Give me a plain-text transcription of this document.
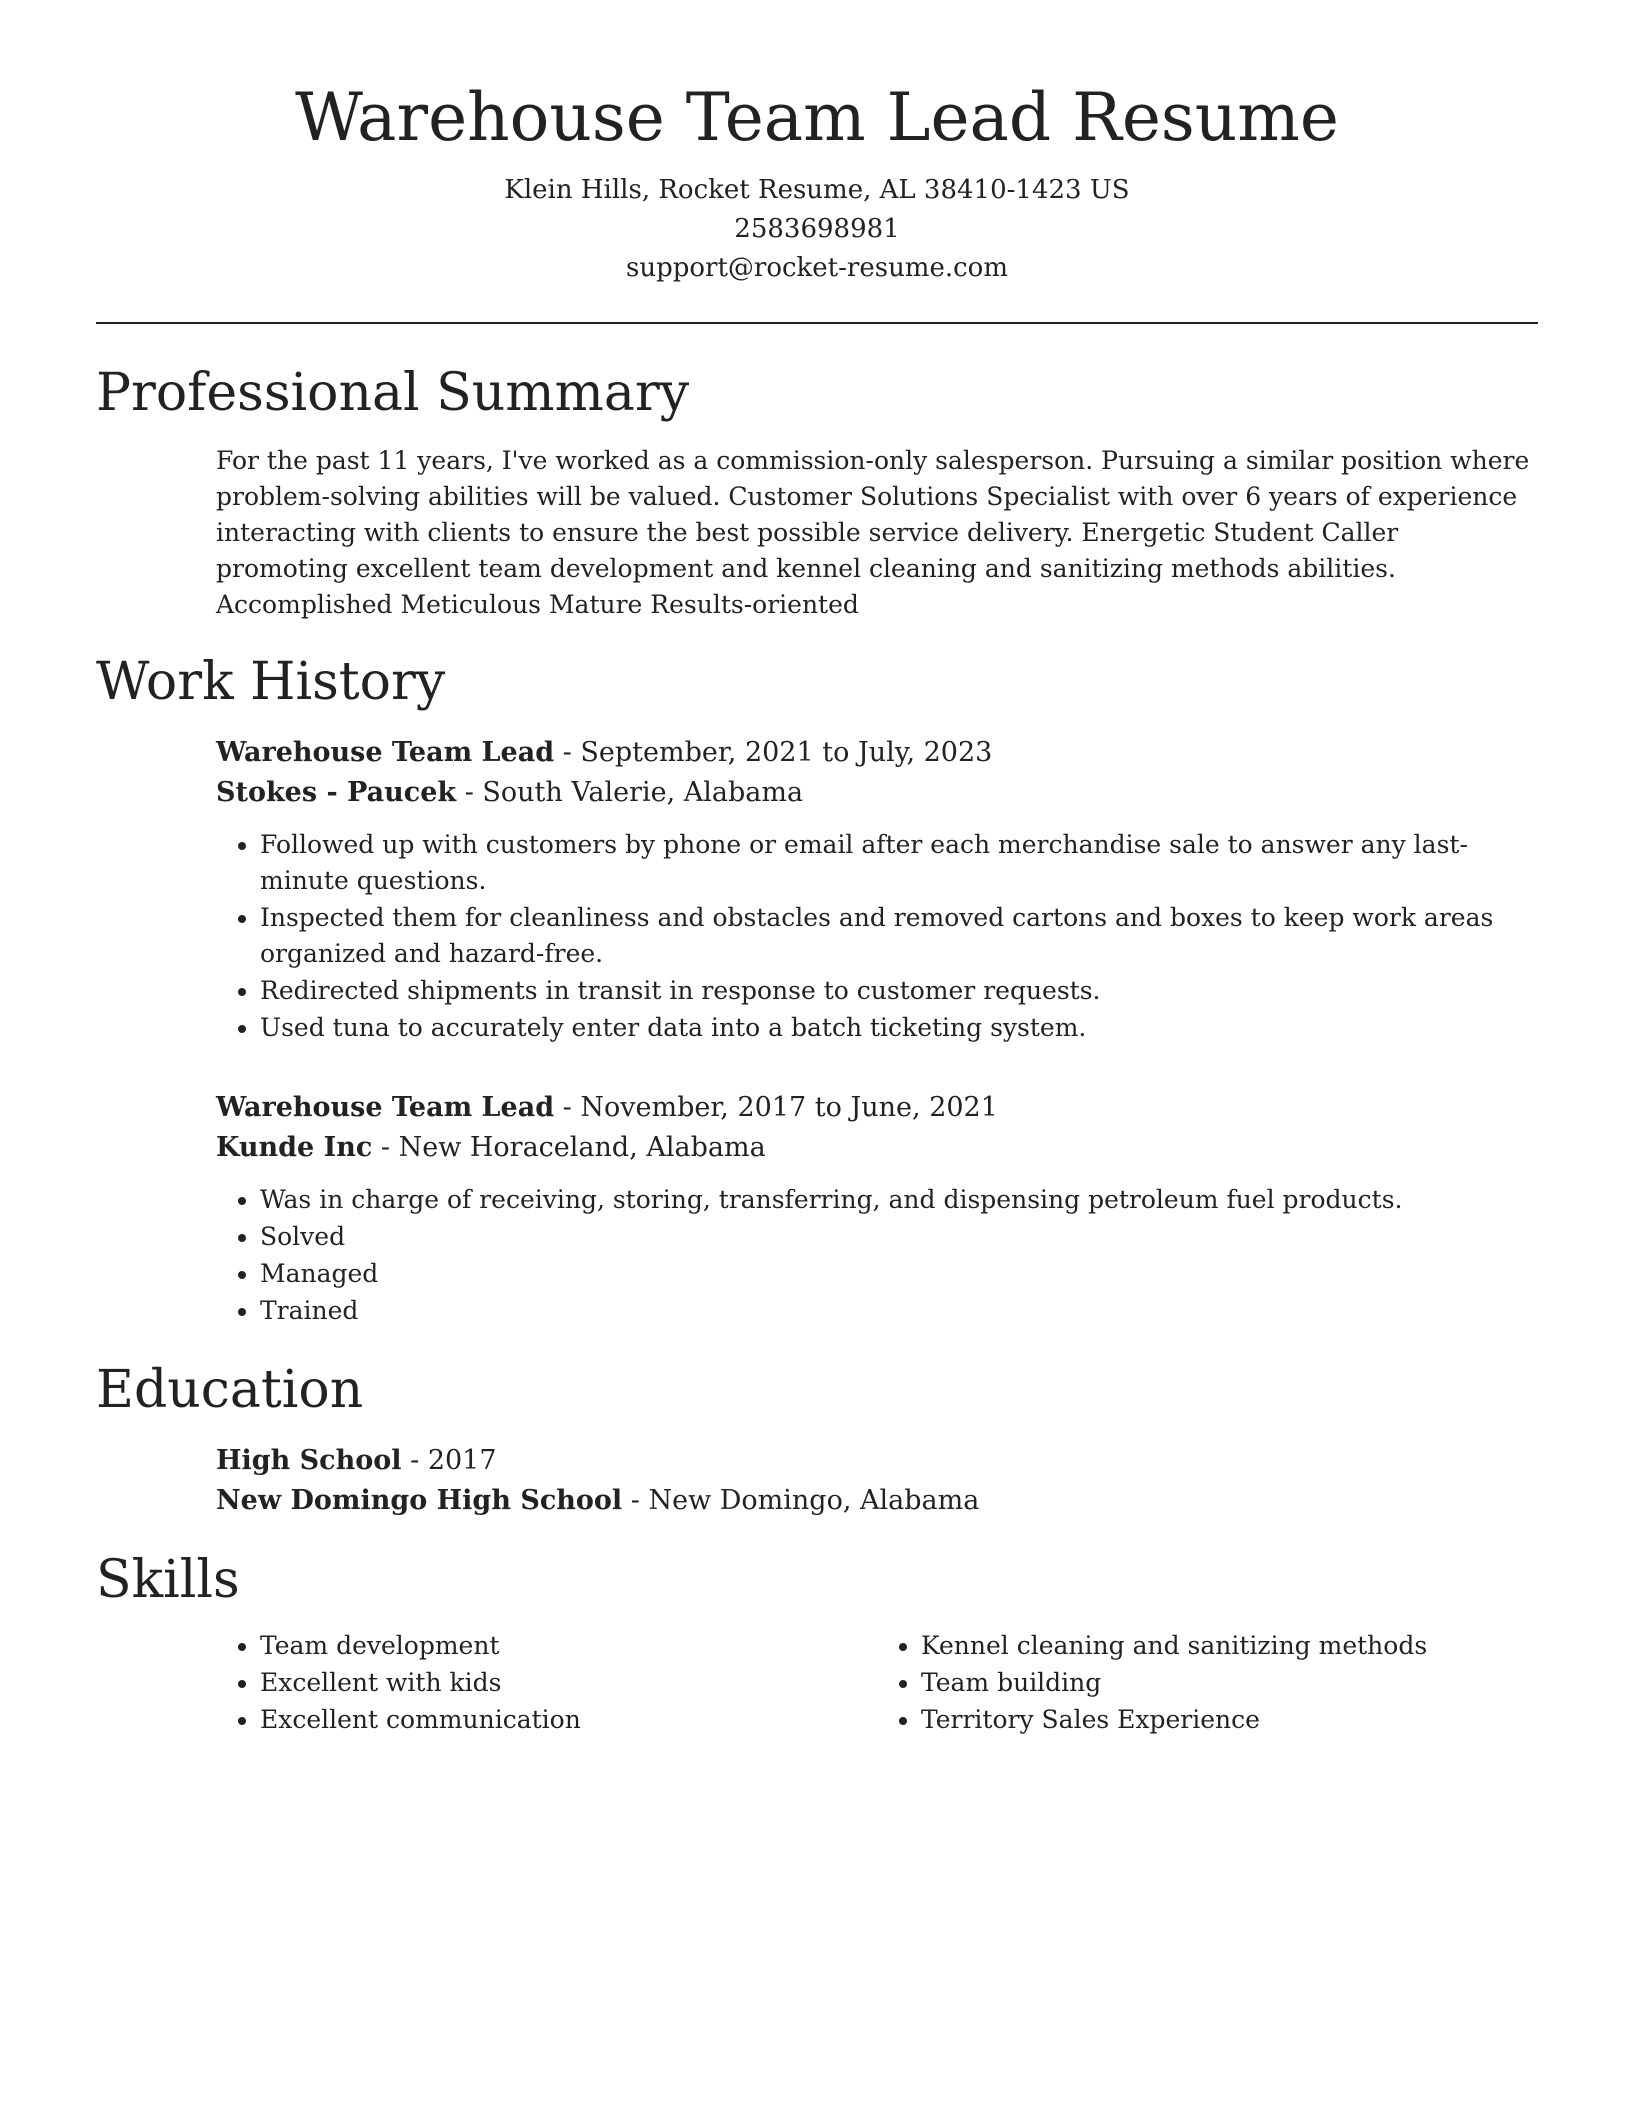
Warehouse Team Lead Resume
Klein Hills, Rocket Resume, AL 38410-1423 US
2583698981
support@rocket-resume.com
Professional Summary

For the past 11 years, I've worked as a commission-only salesperson. Pursuing a similar position where problem-solving abilities will be valued. Customer Solutions Specialist with over 6 years of experience interacting with clients to ensure the best possible service delivery. Energetic Student Caller promoting excellent team development and kennel cleaning and sanitizing methods abilities. Accomplished Meticulous Mature Results-oriented

Work History
Warehouse Team Lead - September, 2021 to July, 2023
Stokes - Paucek - South Valerie, Alabama
• Followed up with customers by phone or email after each merchandise sale to answer any last-minute questions.
• Inspected them for cleanliness and obstacles and removed cartons and boxes to keep work areas organized and hazard-free.
• Redirected shipments in transit in response to customer requests.
• Used tuna to accurately enter data into a batch ticketing system.
Warehouse Team Lead - November, 2017 to June, 2021
Kunde Inc - New Horaceland, Alabama
• Was in charge of receiving, storing, transferring, and dispensing petroleum fuel products.
• Solved
• Managed
• Trained
Education
High School - 2017
New Domingo High School - New Domingo, Alabama
Skills
• Team development
• Excellent with kids
• Excellent communication
• Kennel cleaning and sanitizing methods
• Team building
• Territory Sales Experience
